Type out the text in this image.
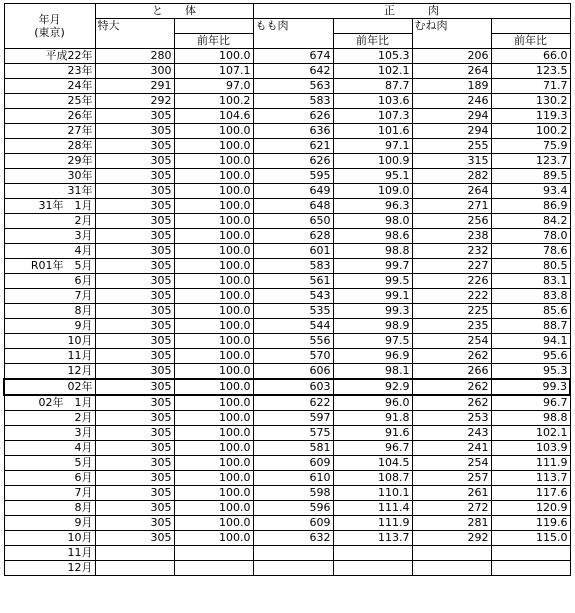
年月
(東京)	と　　体		正　　　肉			
	特大		もも肉		むね肉	
		前年比		前年比		前年比
平成22年	280	100.0	674	105.3	206	66.0
23年	300	107.1	642	102.1	264	123.5
24年	291	97.0	563	87.7	189	71.7
25年	292	100.2	583	103.6	246	130.2
26年	305	104.6	626	107.3	294	119.3
27年	305	100.0	636	101.6	294	100.2
28年	305	100.0	621	97.1	255	75.9
29年	305	100.0	626	100.9	315	123.7
30年	305	100.0	595	95.1	282	89.5
31年	305	100.0	649	109.0	264	93.4
31年　1月	305	100.0	648	96.3	271	86.9
2月	305	100.0	650	98.0	256	84.2
3月	305	100.0	628	98.6	238	78.0
4月	305	100.0	601	98.8	232	78.6
R01年　5月	305	100.0	583	99.7	227	80.5
6月	305	100.0	561	99.5	226	83.1
7月	305	100.0	543	99.1	222	83.8
8月	305	100.0	535	99.3	225	85.6
9月	305	100.0	544	98.9	235	88.7
10月	305	100.0	556	97.5	254	94.1
11月	305	100.0	570	96.9	262	95.6
12月	305	100.0	606	98.1	266	95.3
02年	305	100.0	603	92.9	262	99.3
02年　1月	305	100.0	622	96.0	262	96.7
2月	305	100.0	597	91.8	253	98.8
3月	305	100.0	575	91.6	243	102.1
4月	305	100.0	581	96.7	241	103.9
5月	305	100.0	609	104.5	254	111.9
6月	305	100.0	610	108.7	257	113.7
7月	305	100.0	598	110.1	261	117.6
8月	305	100.0	596	111.4	272	120.9
9月	305	100.0	609	111.9	281	119.6
10月	305	100.0	632	113.7	292	115.0
11月						
12月						
